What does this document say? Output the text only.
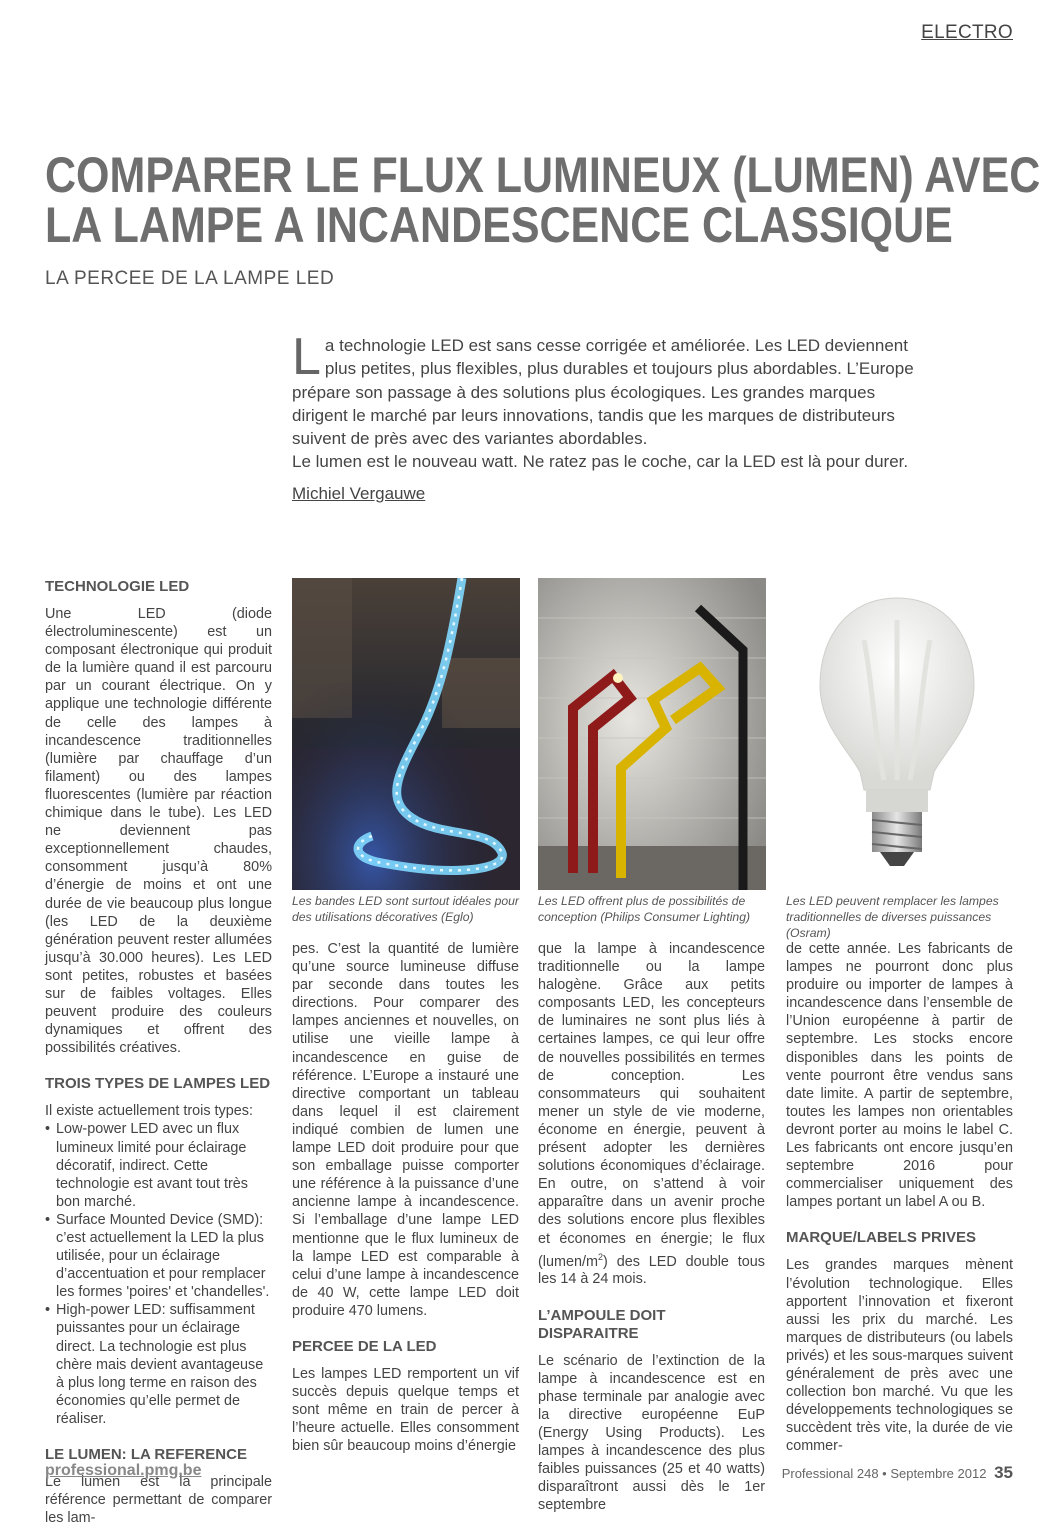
ELECTRO
COMPARER LE FLUX LUMINEUX (LUMEN) AVEC
LA LAMPE A INCANDESCENCE CLASSIQUE
LA PERCEE DE LA LAMPE LED
L a technologie LED est sans cesse corrigée et améliorée. Les LED deviennent plus petites, plus flexibles, plus durables et toujours plus abordables. L’Europe prépare son passage à des solutions plus écologiques. Les grandes marques dirigent le marché par leurs innovations, tandis que les marques de distributeurs suivent de près avec des variantes abordables.

Le lumen est le nouveau watt. Ne ratez pas le coche, car la LED est là pour durer.

Michiel Vergauwe
TECHNOLOGIE LED

Une LED (diode électroluminescente) est un composant électronique qui produit de la lumière quand il est parcouru par un courant électrique. On y applique une technologie différente de celle des lampes à incandescence traditionnelles (lumière par chauffage d’un filament) ou des lampes fluorescentes (lumière par réaction chimique dans le tube). Les LED ne deviennent pas exceptionnellement chaudes, consomment jusqu’à 80% d’énergie de moins et ont une durée de vie beaucoup plus longue (les LED de la deuxième génération peuvent rester allumées jusqu’à 30.000 heures). Les LED sont petites, robustes et basées sur de faibles voltages. Elles peuvent produire des couleurs dynamiques et offrent des possibilités créatives.

TROIS TYPES DE LAMPES LED

Il existe actuellement trois types:

• Low-power LED avec un flux lumineux limité pour éclairage décoratif, indirect. Cette technologie est avant tout très bon marché.
• Surface Mounted Device (SMD): c’est actuellement la LED la plus utilisée, pour un éclairage d’accentuation et pour remplacer les formes 'poires' et 'chandelles'.
• High-power LED: suffisamment puissantes pour un éclairage direct. La technologie est plus chère mais devient avantageuse à plus long terme en raison des économies qu’elle permet de réaliser.
LE LUMEN: LA REFERENCE

Le lumen est la principale référence permettant de comparer les lam-

Les bandes LED sont surtout idéales pour des utilisations décoratives (Eglo)
Les LED offrent plus de possibilités de conception (Philips Consumer Lighting)
Les LED peuvent remplacer les lampes traditionnelles de diverses puissances (Osram)

pes. C’est la quantité de lumière qu’une source lumineuse diffuse par seconde dans toutes les directions. Pour comparer des lampes anciennes et nouvelles, on utilise une vieille lampe à incandescence en guise de référence. L’Europe a instauré une directive comportant un tableau dans lequel il est clairement indiqué combien de lumen une lampe LED doit produire pour que son emballage puisse comporter une référence à la puissance d’une ancienne lampe à incandescence. Si l’emballage d’une lampe LED mentionne que le flux lumineux de la lampe LED est comparable à celui d’une lampe à incandescence de 40 W, cette lampe LED doit produire 470 lumens.

PERCEE DE LA LED

Les lampes LED remportent un vif succès depuis quelque temps et sont même en train de percer à l’heure actuelle. Elles consomment bien sûr beaucoup moins d’énergie

que la lampe à incandescence traditionnelle ou la lampe halogène. Grâce aux petits composants LED, les concepteurs de luminaires ne sont plus liés à certaines lampes, ce qui leur offre de nouvelles possibilités en termes de conception. Les consommateurs qui souhaitent mener un style de vie moderne, économe en énergie, peuvent à présent adopter les dernières solutions économiques d’éclairage. En outre, on s’attend à voir apparaître dans un avenir proche des solutions encore plus flexibles et économes en énergie; le flux $(lumen/m^2)$ des LED double tous les 14 à 24 mois.

L’AMPOULE DOIT DISPARAITRE

Le scénario de l’extinction de la lampe à incandescence est en phase terminale par analogie avec la directive européenne EuP (Energy Using Products). Les lampes à incandescence des plus faibles puissances (25 et 40 watts) disparaîtront aussi dès le 1er septembre

de cette année. Les fabricants de lampes ne pourront donc plus produire ou importer de lampes à incandescence dans l’ensemble de l’Union européenne à partir de septembre. Les stocks encore disponibles dans les points de vente pourront être vendus sans date limite. A partir de septembre, toutes les lampes non orientables devront porter au moins le label C. Les fabricants ont encore jusqu’en septembre 2016 pour commercialiser uniquement des lampes portant un label A ou B.

MARQUE/LABELS PRIVES

Les grandes marques mènent l’évolution technologique. Elles apportent l’innovation et fixeront aussi les prix du marché. Les marques de distributeurs (ou labels privés) et les sous-marques suivent généralement de près avec une collection bon marché. Vu que les développements technologiques se succèdent très vite, la durée de vie commer-

professional.pmg.be	Professional 248 • Septembre 2012 35
